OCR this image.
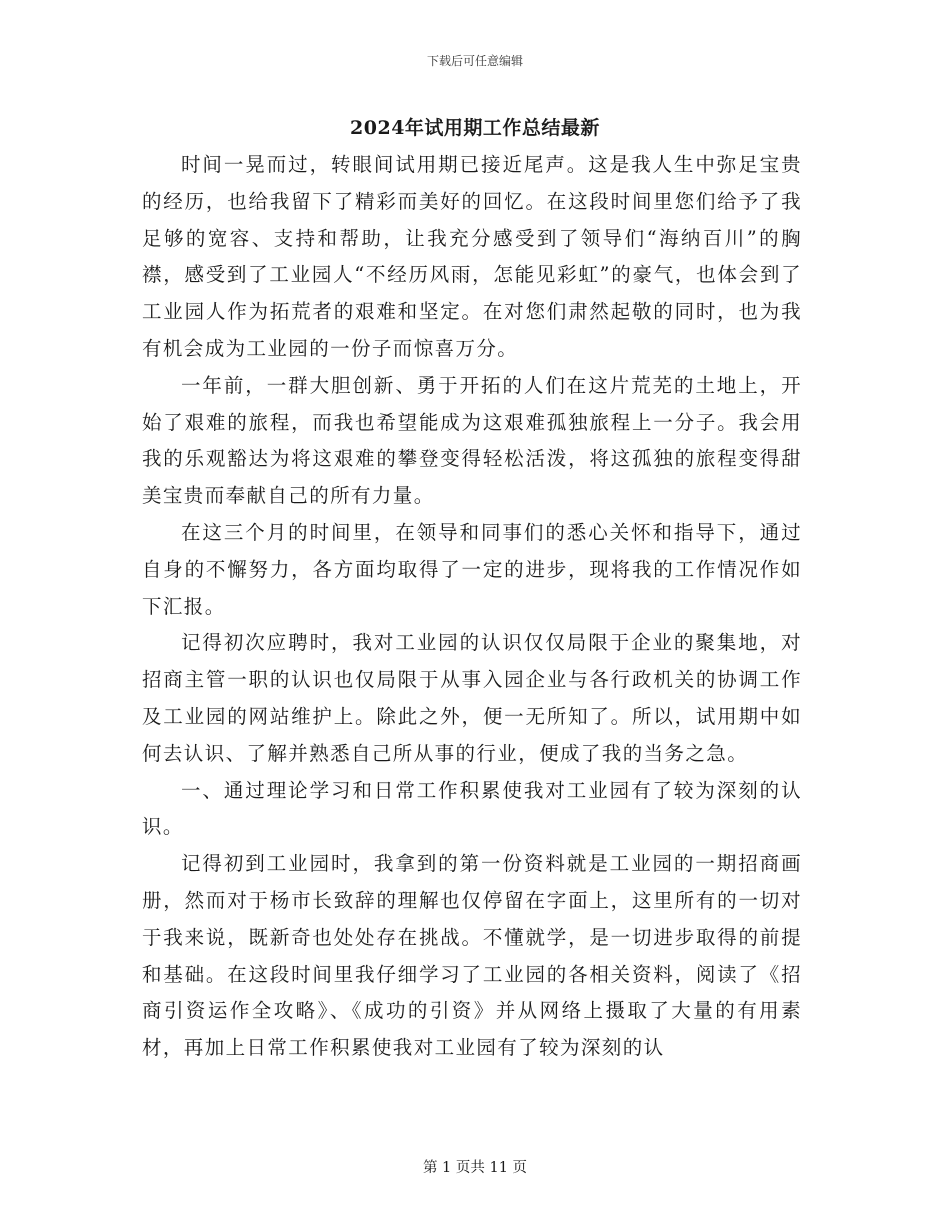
下载后可任意编辑
2024年试用期工作总结最新

时间一晃而过，转眼间试用期已接近尾声。这是我人生中弥足宝贵的经历，也给我留下了精彩而美好的回忆。在这段时间里您们给予了我足够的宽容、支持和帮助，让我充分感受到了领导们“海纳百川”的胸襟，感受到了工业园人“不经历风雨，怎能见彩虹”的豪气，也体会到了工业园人作为拓荒者的艰难和坚定。在对您们肃然起敬的同时，也为我有机会成为工业园的一份子而惊喜万分。

一年前，一群大胆创新、勇于开拓的人们在这片荒芜的土地上，开始了艰难的旅程，而我也希望能成为这艰难孤独旅程上一分子。我会用我的乐观豁达为将这艰难的攀登变得轻松活泼，将这孤独的旅程变得甜美宝贵而奉献自己的所有力量。

在这三个月的时间里，在领导和同事们的悉心关怀和指导下，通过自身的不懈努力，各方面均取得了一定的进步，现将我的工作情况作如下汇报。

记得初次应聘时，我对工业园的认识仅仅局限于企业的聚集地，对招商主管一职的认识也仅局限于从事入园企业与各行政机关的协调工作及工业园的网站维护上。除此之外，便一无所知了。所以，试用期中如何去认识、了解并熟悉自己所从事的行业，便成了我的当务之急。

一、通过理论学习和日常工作积累使我对工业园有了较为深刻的认识。

记得初到工业园时，我拿到的第一份资料就是工业园的一期招商画册，然而对于杨市长致辞的理解也仅停留在字面上，这里所有的一切对于我来说，既新奇也处处存在挑战。不懂就学，是一切进步取得的前提和基础。在这段时间里我仔细学习了工业园的各相关资料，阅读了《招商引资运作全攻略》、《成功的引资》并从网络上摄取了大量的有用素材，再加上日常工作积累使我对工业园有了较为深刻的认

第 1 页共 11 页
